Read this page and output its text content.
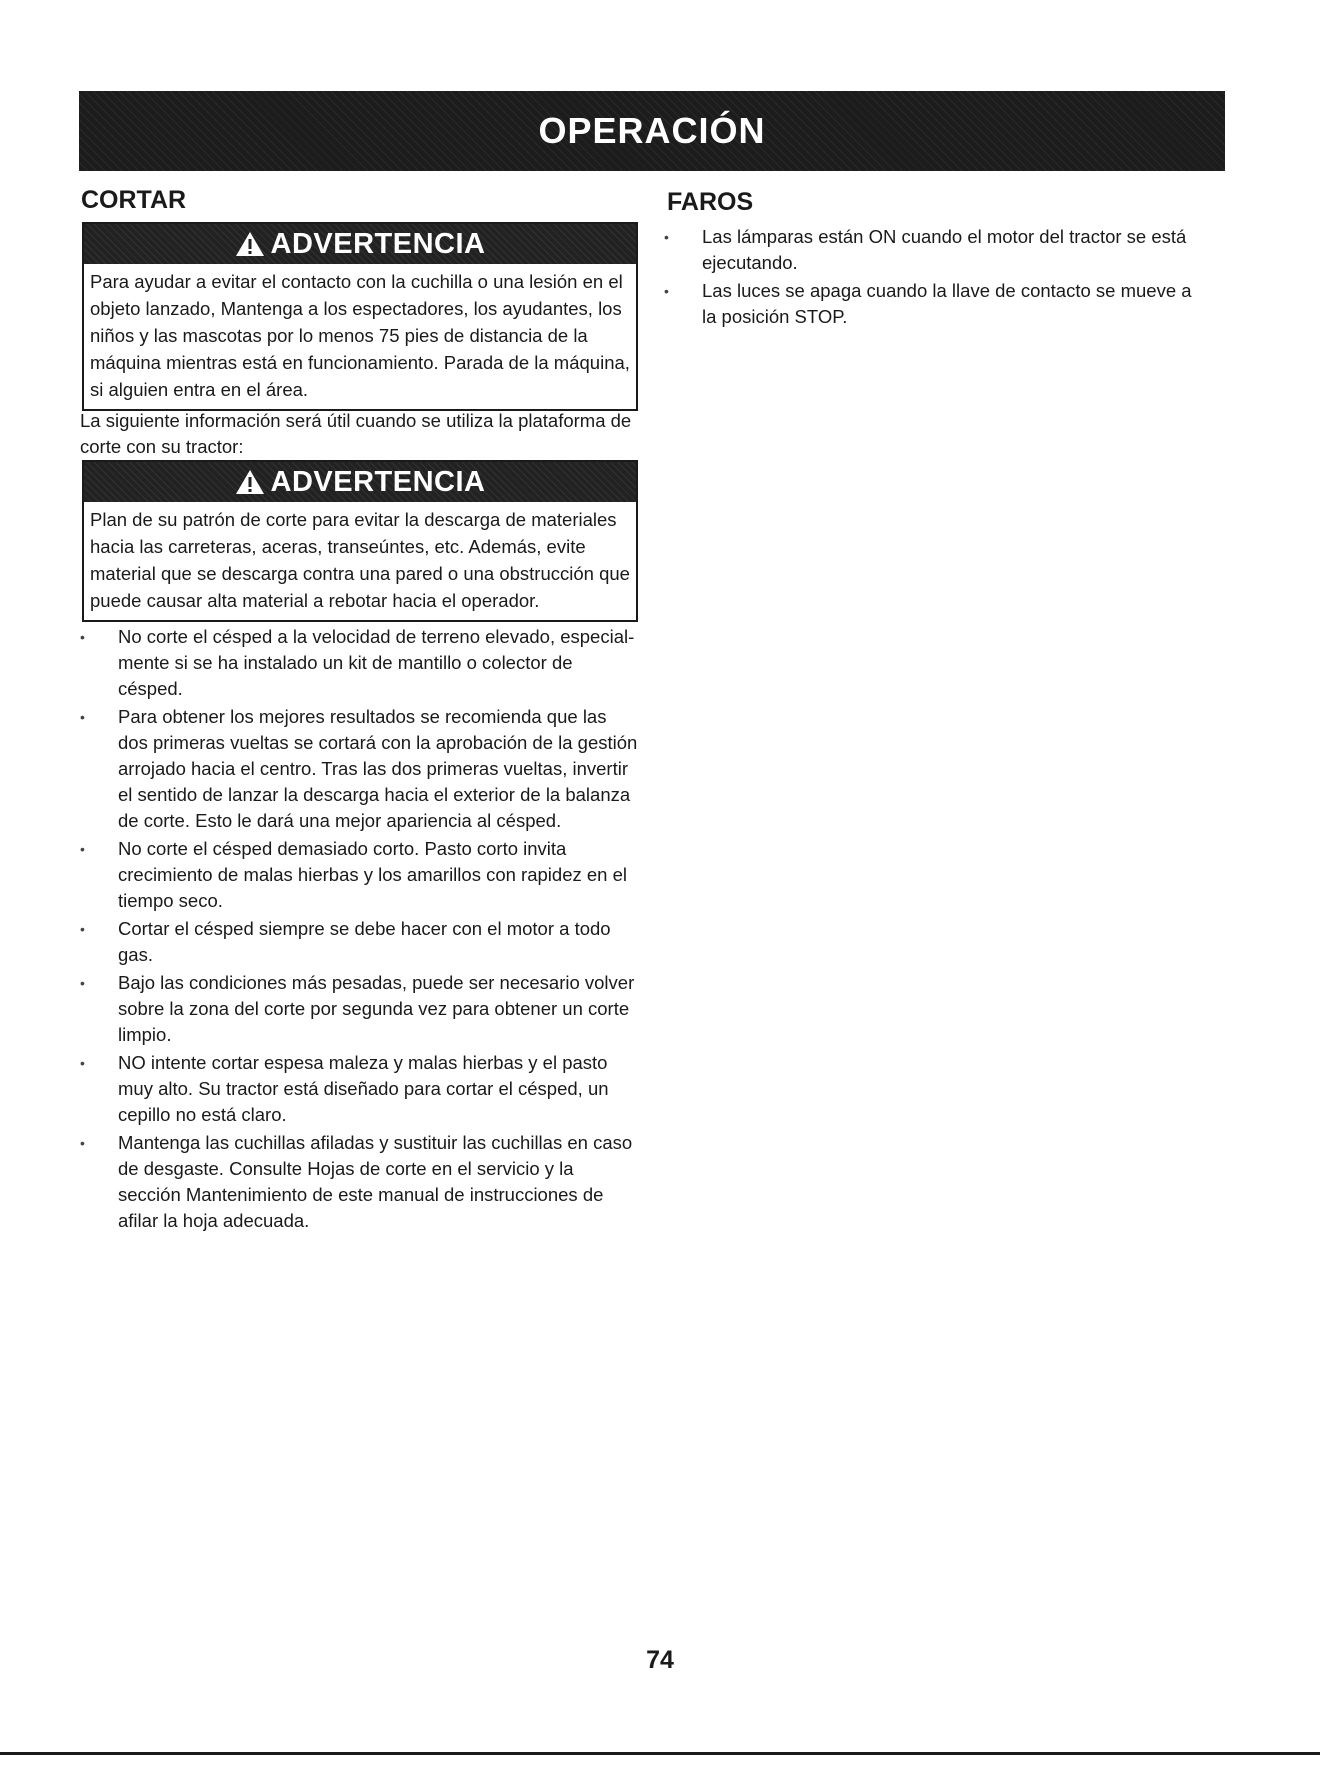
OPERACIÓN
CORTAR
ADVERTENCIA
Para ayudar a evitar el contacto con la cuchilla o una lesión en el objeto lanzado, Mantenga a los espectadores, los ayudantes, los niños y las mascotas por lo menos 75 pies de distancia de la máquina mientras está en funcionamiento. Parada de la máquina, si alguien entra en el área.
La siguiente información será útil cuando se utiliza la plataforma de corte con su tractor:
ADVERTENCIA
Plan de su patrón de corte para evitar la descarga de materiales hacia las carreteras, aceras, transeúntes, etc. Además, evite material que se descarga contra una pared o una obstrucción que puede causar alta material a rebotar hacia el operador.
• No corte el césped a la velocidad de terreno elevado, especial-mente si se ha instalado un kit de mantillo o colector de césped.
• Para obtener los mejores resultados se recomienda que las dos primeras vueltas se cortará con la aprobación de la gestión arrojado hacia el centro. Tras las dos primeras vueltas, invertir el sentido de lanzar la descarga hacia el exterior de la balanza de corte. Esto le dará una mejor apariencia al césped.
• No corte el césped demasiado corto. Pasto corto invita crecimiento de malas hierbas y los amarillos con rapidez en el tiempo seco.
• Cortar el césped siempre se debe hacer con el motor a todo gas.
• Bajo las condiciones más pesadas, puede ser necesario volver sobre la zona del corte por segunda vez para obtener un corte limpio.
• NO intente cortar espesa maleza y malas hierbas y el pasto muy alto. Su tractor está diseñado para cortar el césped, un cepillo no está claro.
• Mantenga las cuchillas afiladas y sustituir las cuchillas en caso de desgaste. Consulte Hojas de corte en el servicio y la sección Mantenimiento de este manual de instrucciones de afilar la hoja adecuada.
FAROS
• Las lámparas están ON cuando el motor del tractor se está ejecutando.
• Las luces se apaga cuando la llave de contacto se mueve a la posición STOP.
74
